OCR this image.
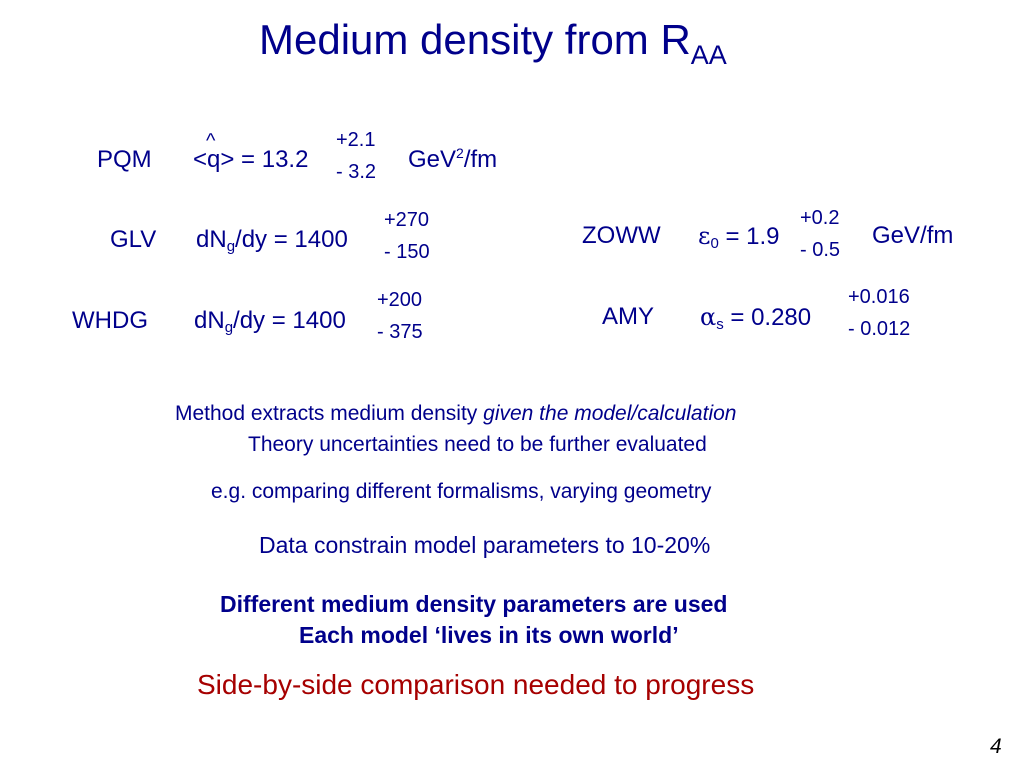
Medium density from $R_{AA}$
PQM
^
<q> = 13.2
+2.1
- 3.2 GeV$^2$/fm
GLV $dN_g/dy = 1400$
+270
- 150
WHDG $dN_g/dy = 1400$
+200
- 375
ZOWW $\varepsilon_0 = 1.9$
+0.2
- 0.5
GeV/fm
AMY $\alpha_s = 0.280$
+0.016
- 0.012
Method extracts medium density given the model/calculation
Theory uncertainties need to be further evaluated
e.g. comparing different formalisms, varying geometry
Data constrain model parameters to 10-20%
Different medium density parameters are used
Each model ‘lives in its own world’
Side-by-side comparison needed to progress
4
